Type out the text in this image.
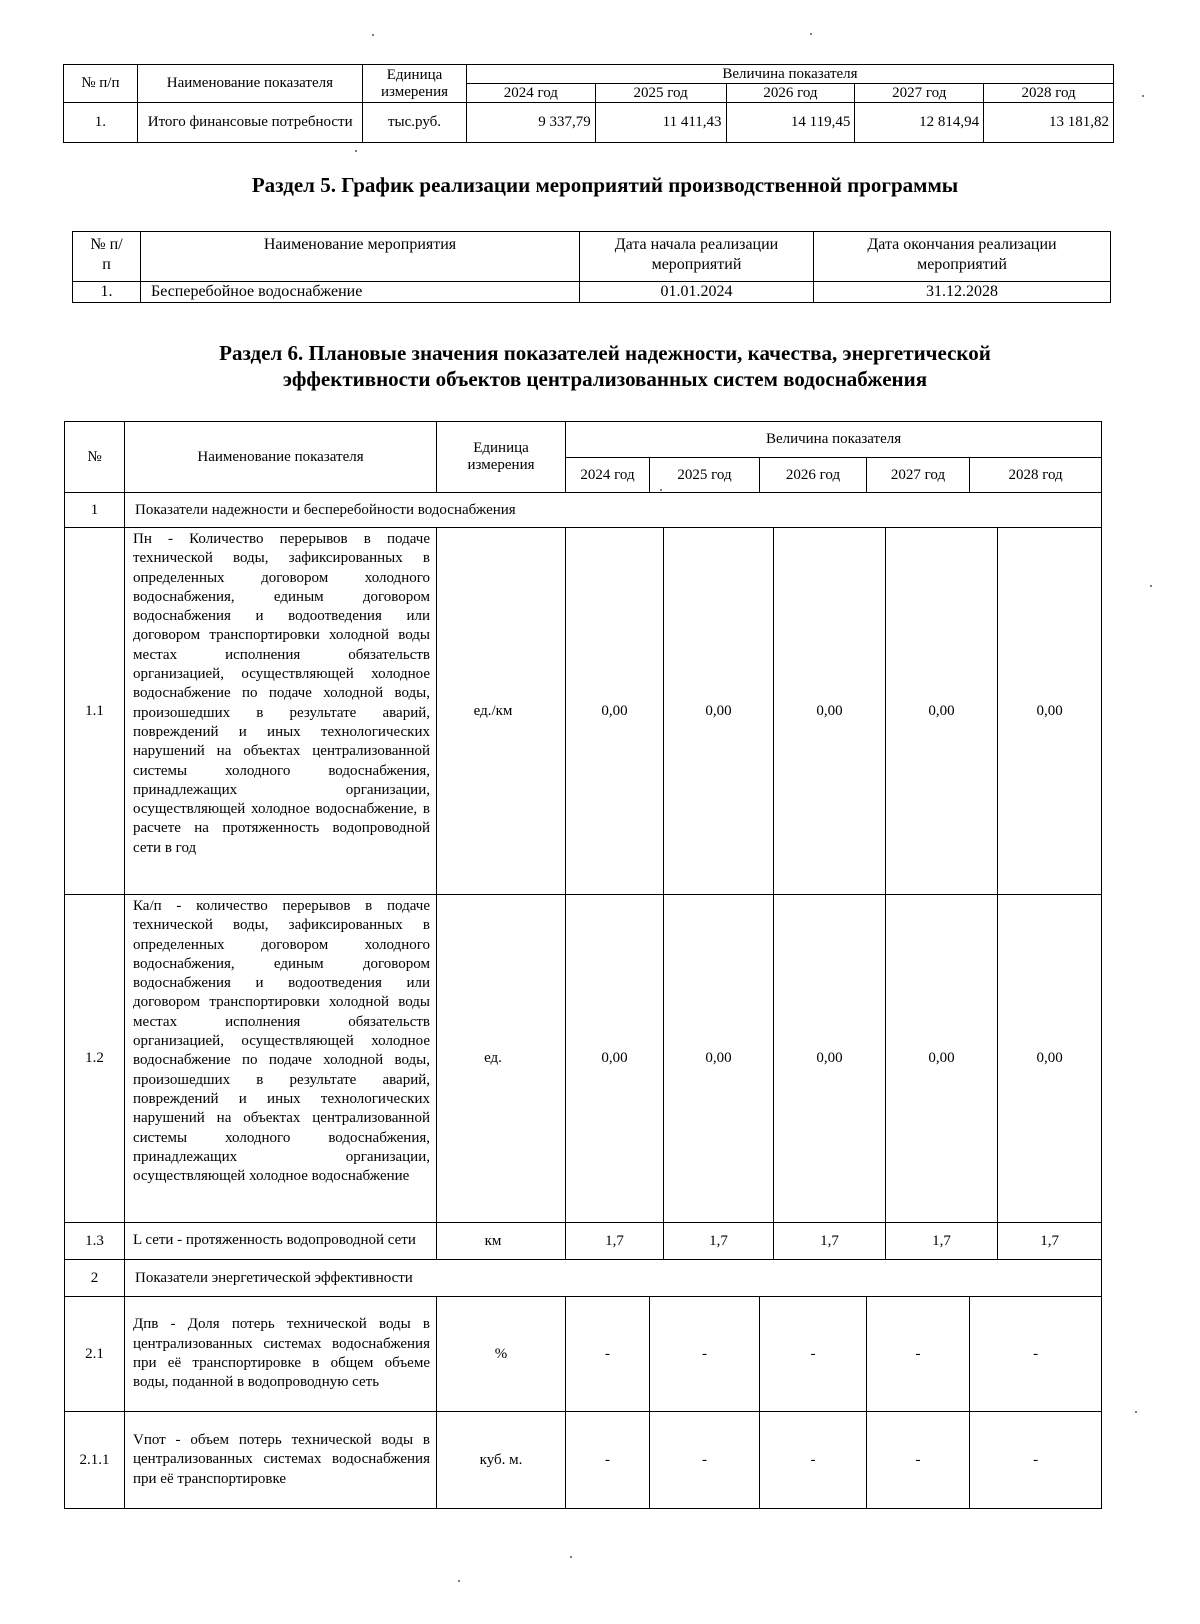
№ п/п	Наименование показателя	Единица измерения	Величина показателя				
			2024 год	2025 год	2026 год	2027 год	2028 год
1.	Итого финансовые потребности	тыс.руб.	9 337,79	11 411,43	14 119,45	12 814,94	13 181,82
Раздел 5. График реализации мероприятий производственной программы
№ п/п	Наименование мероприятия	Дата начала реализации мероприятий	Дата окончания реализации мероприятий
1.	Бесперебойное водоснабжение	01.01.2024	31.12.2028
Раздел 6. Плановые значения показателей надежности, качества, энергетической
эффективности объектов централизованных систем водоснабжения
№	Наименование показателя	Единица измерения	Величина показателя								
			2024 год	2025 год		2026 год		2027 год		2028 год	
1	Показатели надежности и бесперебойности водоснабжения										
1.1	Пн - Количество перерывов в подаче технической воды, зафиксированных в определенных договором холодного водоснабжения, единым договором водоснабжения и водоотведения или договором транспортировки холодной воды местах исполнения обязательств организацией, осуществляющей холодное водоснабжение по подаче холодной воды, произошедших в результате аварий, повреждений и иных технологических нарушений на объектах централизованной системы холодного водоснабжения, принадлежащих организации, осуществляющей холодное водоснабжение, в расчете на протяженность водопроводной сети в год	ед./км	0,00		0,00		0,00		0,00		0,00
1.2	Ка/п - количество перерывов в подаче технической воды, зафиксированных в определенных договором холодного водоснабжения, единым договором водоснабжения и водоотведения или договором транспортировки холодной воды местах исполнения обязательств организацией, осуществляющей холодное водоснабжение по подаче холодной воды, произошедших в результате аварий, повреждений и иных технологических нарушений на объектах централизованной системы холодного водоснабжения, принадлежащих организации, осуществляющей холодное водоснабжение	ед.	0,00		0,00		0,00		0,00		0,00
1.3	L сети - протяженность водопроводной сети	км	1,7		1,7		1,7		1,7		1,7
2	Показатели энергетической эффективности										
2.1	Дпв - Доля потерь технической воды в централизованных системах водоснабжения при её транспортировке в общем объеме воды, поданной в водопроводную сеть	%	-	-		-		-		-	
2.1.1	Vпот - объем потерь технической воды в централизованных системах водоснабжения при её транспортировке	куб. м.	-	-		-		-		-	
